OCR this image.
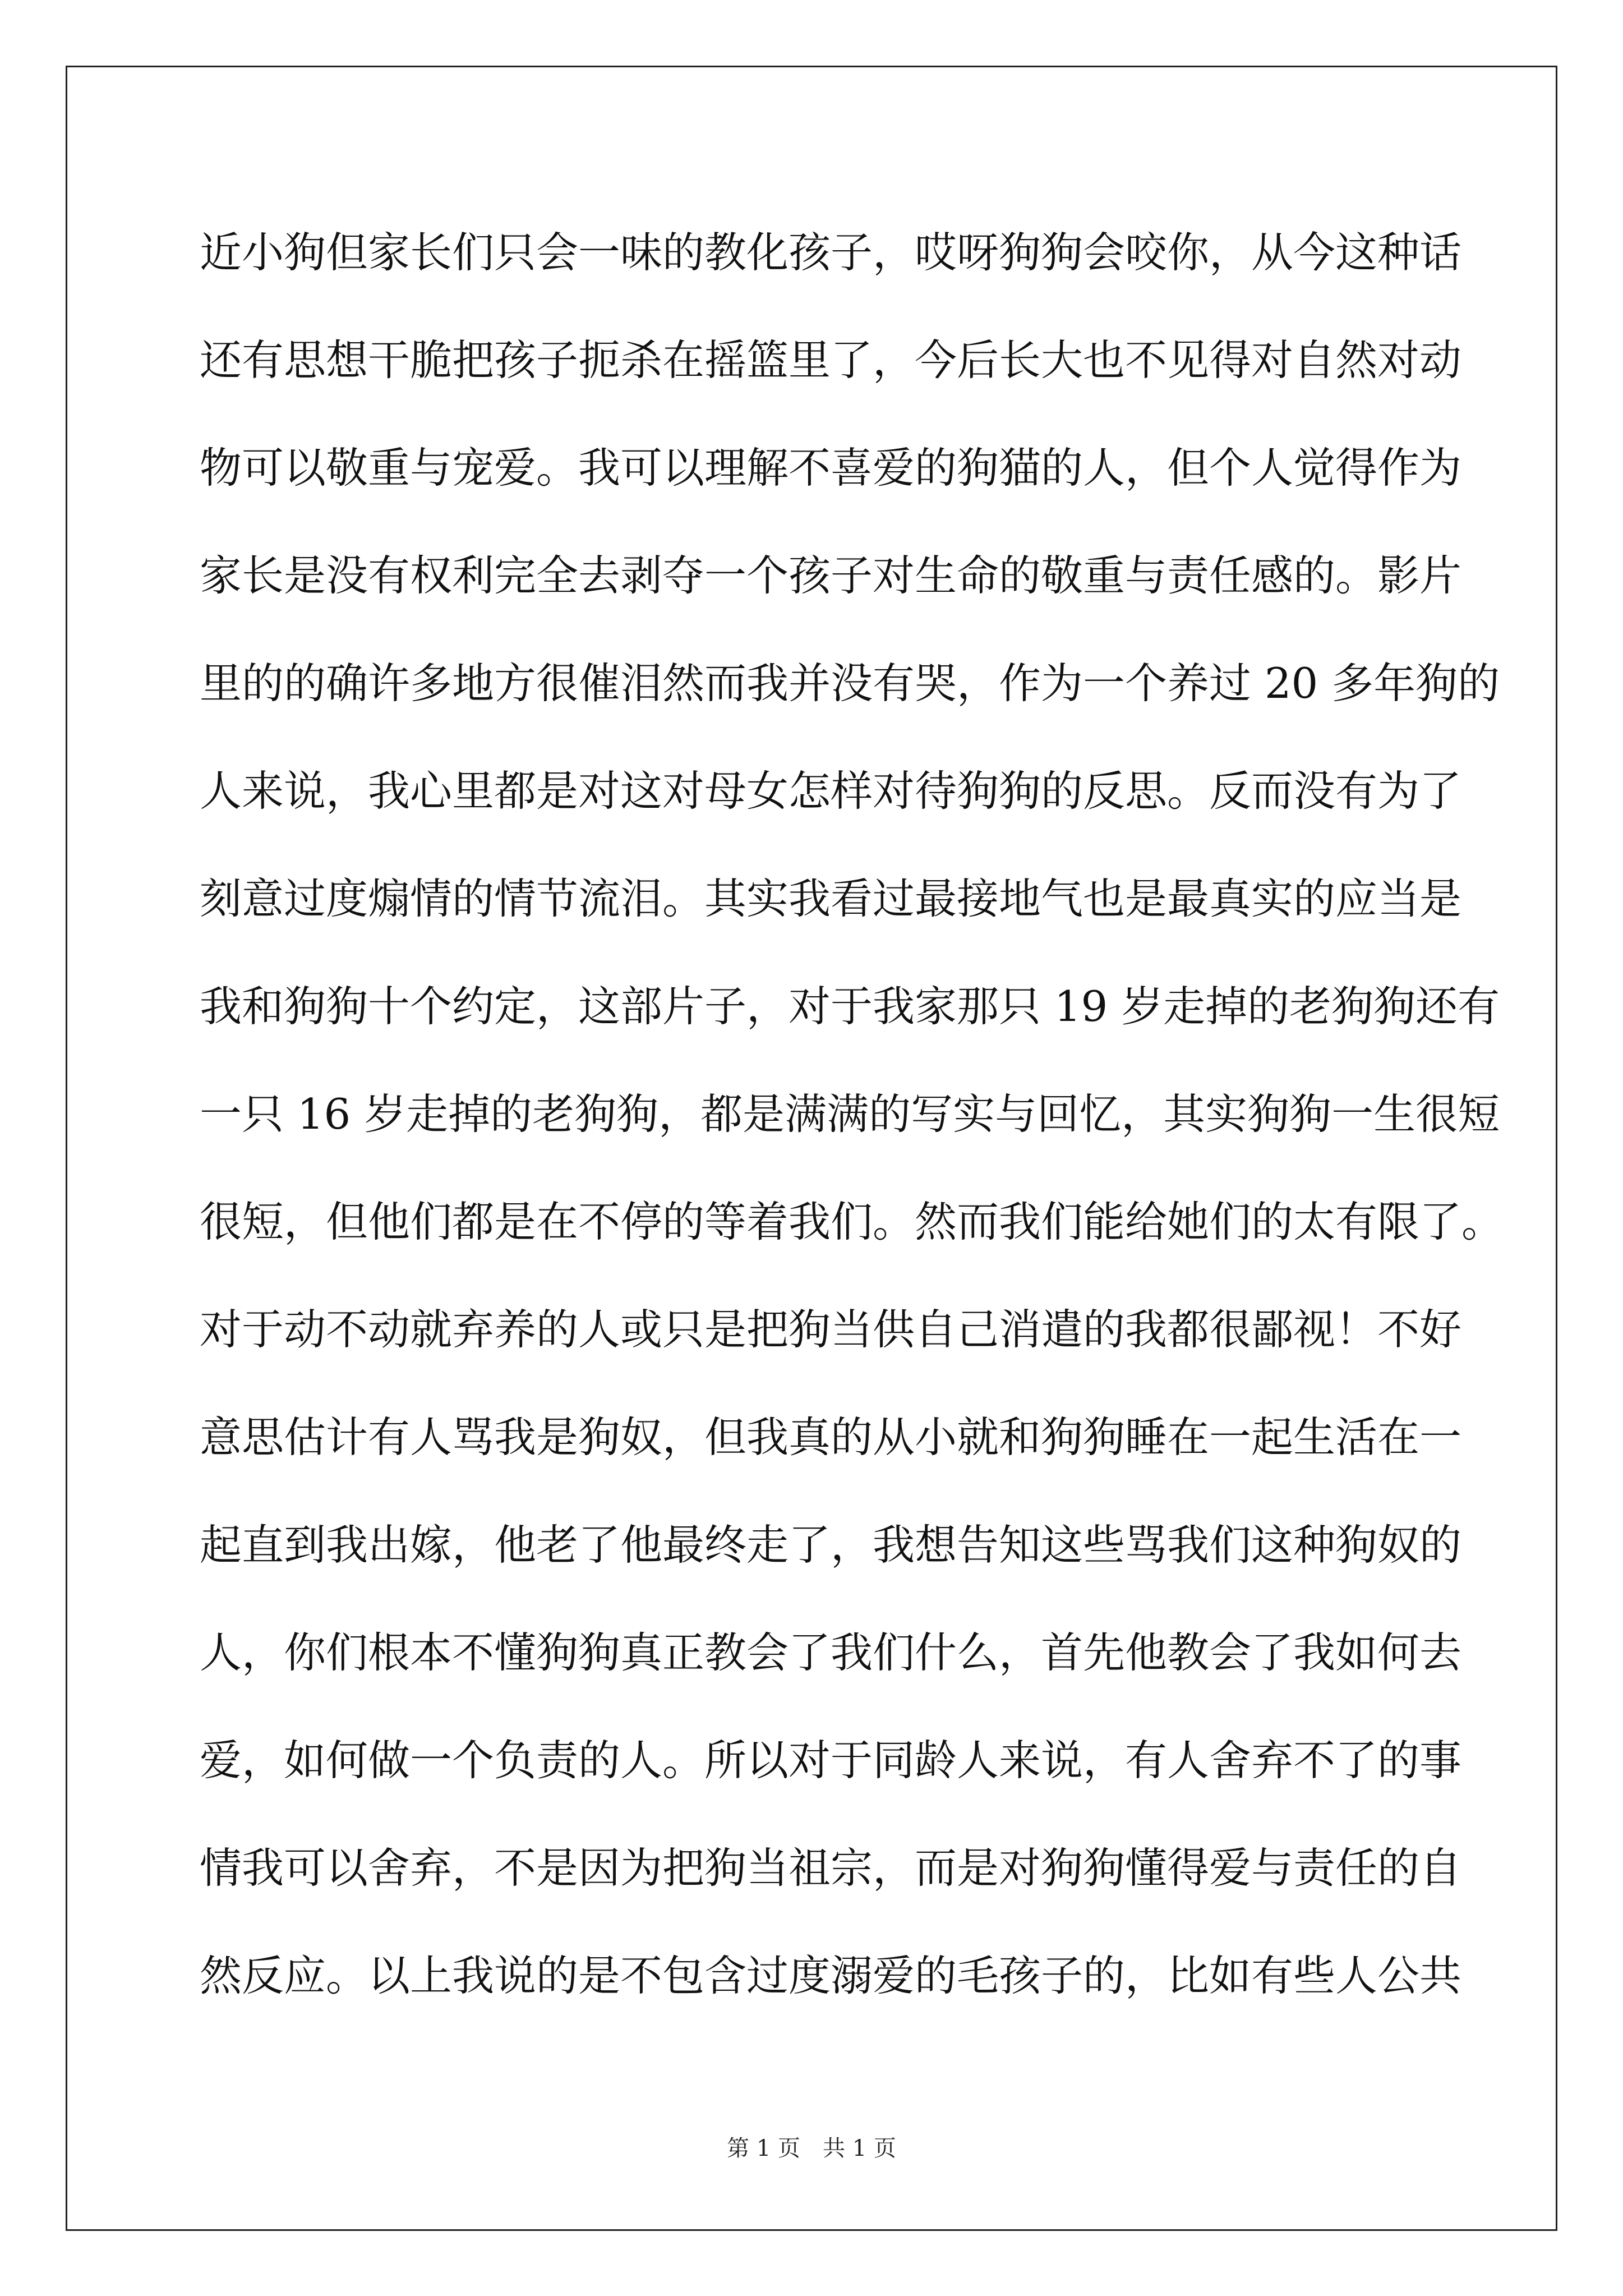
近小狗但家长们只会一味的教化孩子，哎呀狗狗会咬你，从今这种话
还有思想干脆把孩子扼杀在摇篮里了，今后长大也不见得对自然对动
物可以敬重与宠爱。我可以理解不喜爱的狗猫的人，但个人觉得作为
家长是没有权利完全去剥夺一个孩子对生命的敬重与责任感的。影片
里的的确许多地方很催泪然而我并没有哭，作为一个养过 20 多年狗的
人来说，我心里都是对这对母女怎样对待狗狗的反思。反而没有为了
刻意过度煽情的情节流泪。其实我看过最接地气也是最真实的应当是
我和狗狗十个约定，这部片子，对于我家那只 19 岁走掉的老狗狗还有
一只 16 岁走掉的老狗狗，都是满满的写实与回忆，其实狗狗一生很短
很短，但他们都是在不停的等着我们。然而我们能给她们的太有限了。
对于动不动就弃养的人或只是把狗当供自己消遣的我都很鄙视！不好
意思估计有人骂我是狗奴，但我真的从小就和狗狗睡在一起生活在一
起直到我出嫁，他老了他最终走了，我想告知这些骂我们这种狗奴的
人，你们根本不懂狗狗真正教会了我们什么，首先他教会了我如何去
爱，如何做一个负责的人。所以对于同龄人来说，有人舍弃不了的事
情我可以舍弃，不是因为把狗当祖宗，而是对狗狗懂得爱与责任的自
然反应。以上我说的是不包含过度溺爱的毛孩子的，比如有些人公共
第 1 页　共 1 页
